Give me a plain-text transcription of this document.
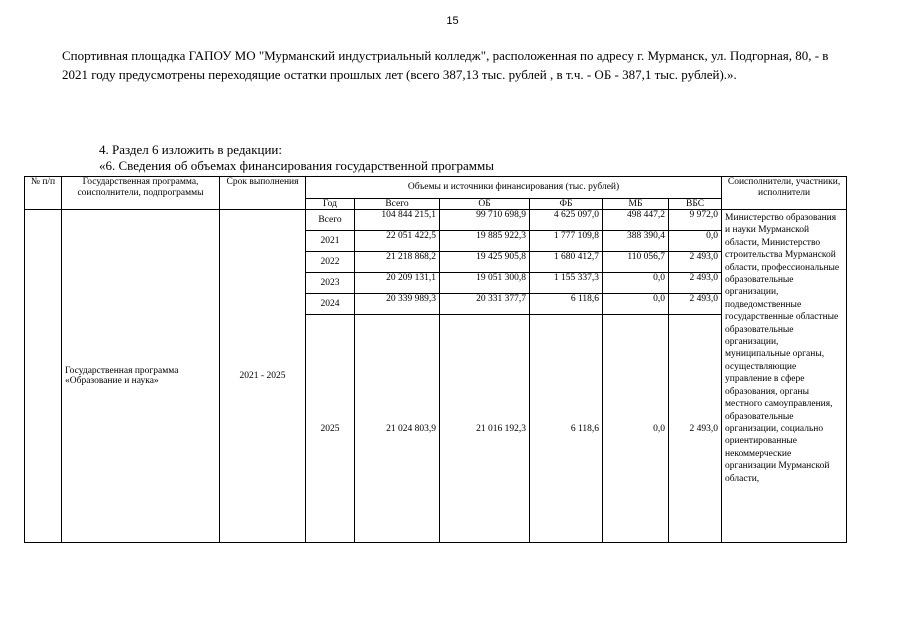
15

Спортивная площадка ГАПОУ МО "Мурманский индустриальный колледж", расположенная по адресу г. Мурманск, ул. Подгорная, 80, - в 2021 году предусмотрены переходящие остатки прошлых лет (всего 387,13 тыс. рублей , в т.ч. - ОБ - 387,1 тыс. рублей).».

4. Раздел 6 изложить в редакции:

«6. Сведения об объемах финансирования государственной программы

№ п/п	Государственная программа, соисполнители, подпрограммы	Срок выполнения	Объемы и источники финансирования (тыс. рублей)						Соисполнители, участники, исполнители
			Год	Всего	ОБ	ФБ	МБ	ВБС	
	Государственная программа «Образование и наука»	2021 - 2025	Всего	104 844 215,1	99 710 698,9	4 625 097,0	498 447,2	9 972,0	Министерство образования и науки Мурманской области, Министерство строительства Мурманской области, профессиональные образовательные организации, подведомственные государственные областные образовательные организации, муниципальные органы, осуществляющие управление в сфере образования, органы местного самоуправления, образовательные организации, социально ориентированные некоммерческие организации Мурманской области,
			2021	22 051 422,5	19 885 922,3	1 777 109,8	388 390,4	0,0	
			2022	21 218 868,2	19 425 905,8	1 680 412,7	110 056,7	2 493,0	
			2023	20 209 131,1	19 051 300,8	1 155 337,3	0,0	2 493,0	
			2024	20 339 989,3	20 331 377,7	6 118,6	0,0	2 493,0	
			2025	21 024 803,9	21 016 192,3	6 118,6	0,0	2 493,0	
